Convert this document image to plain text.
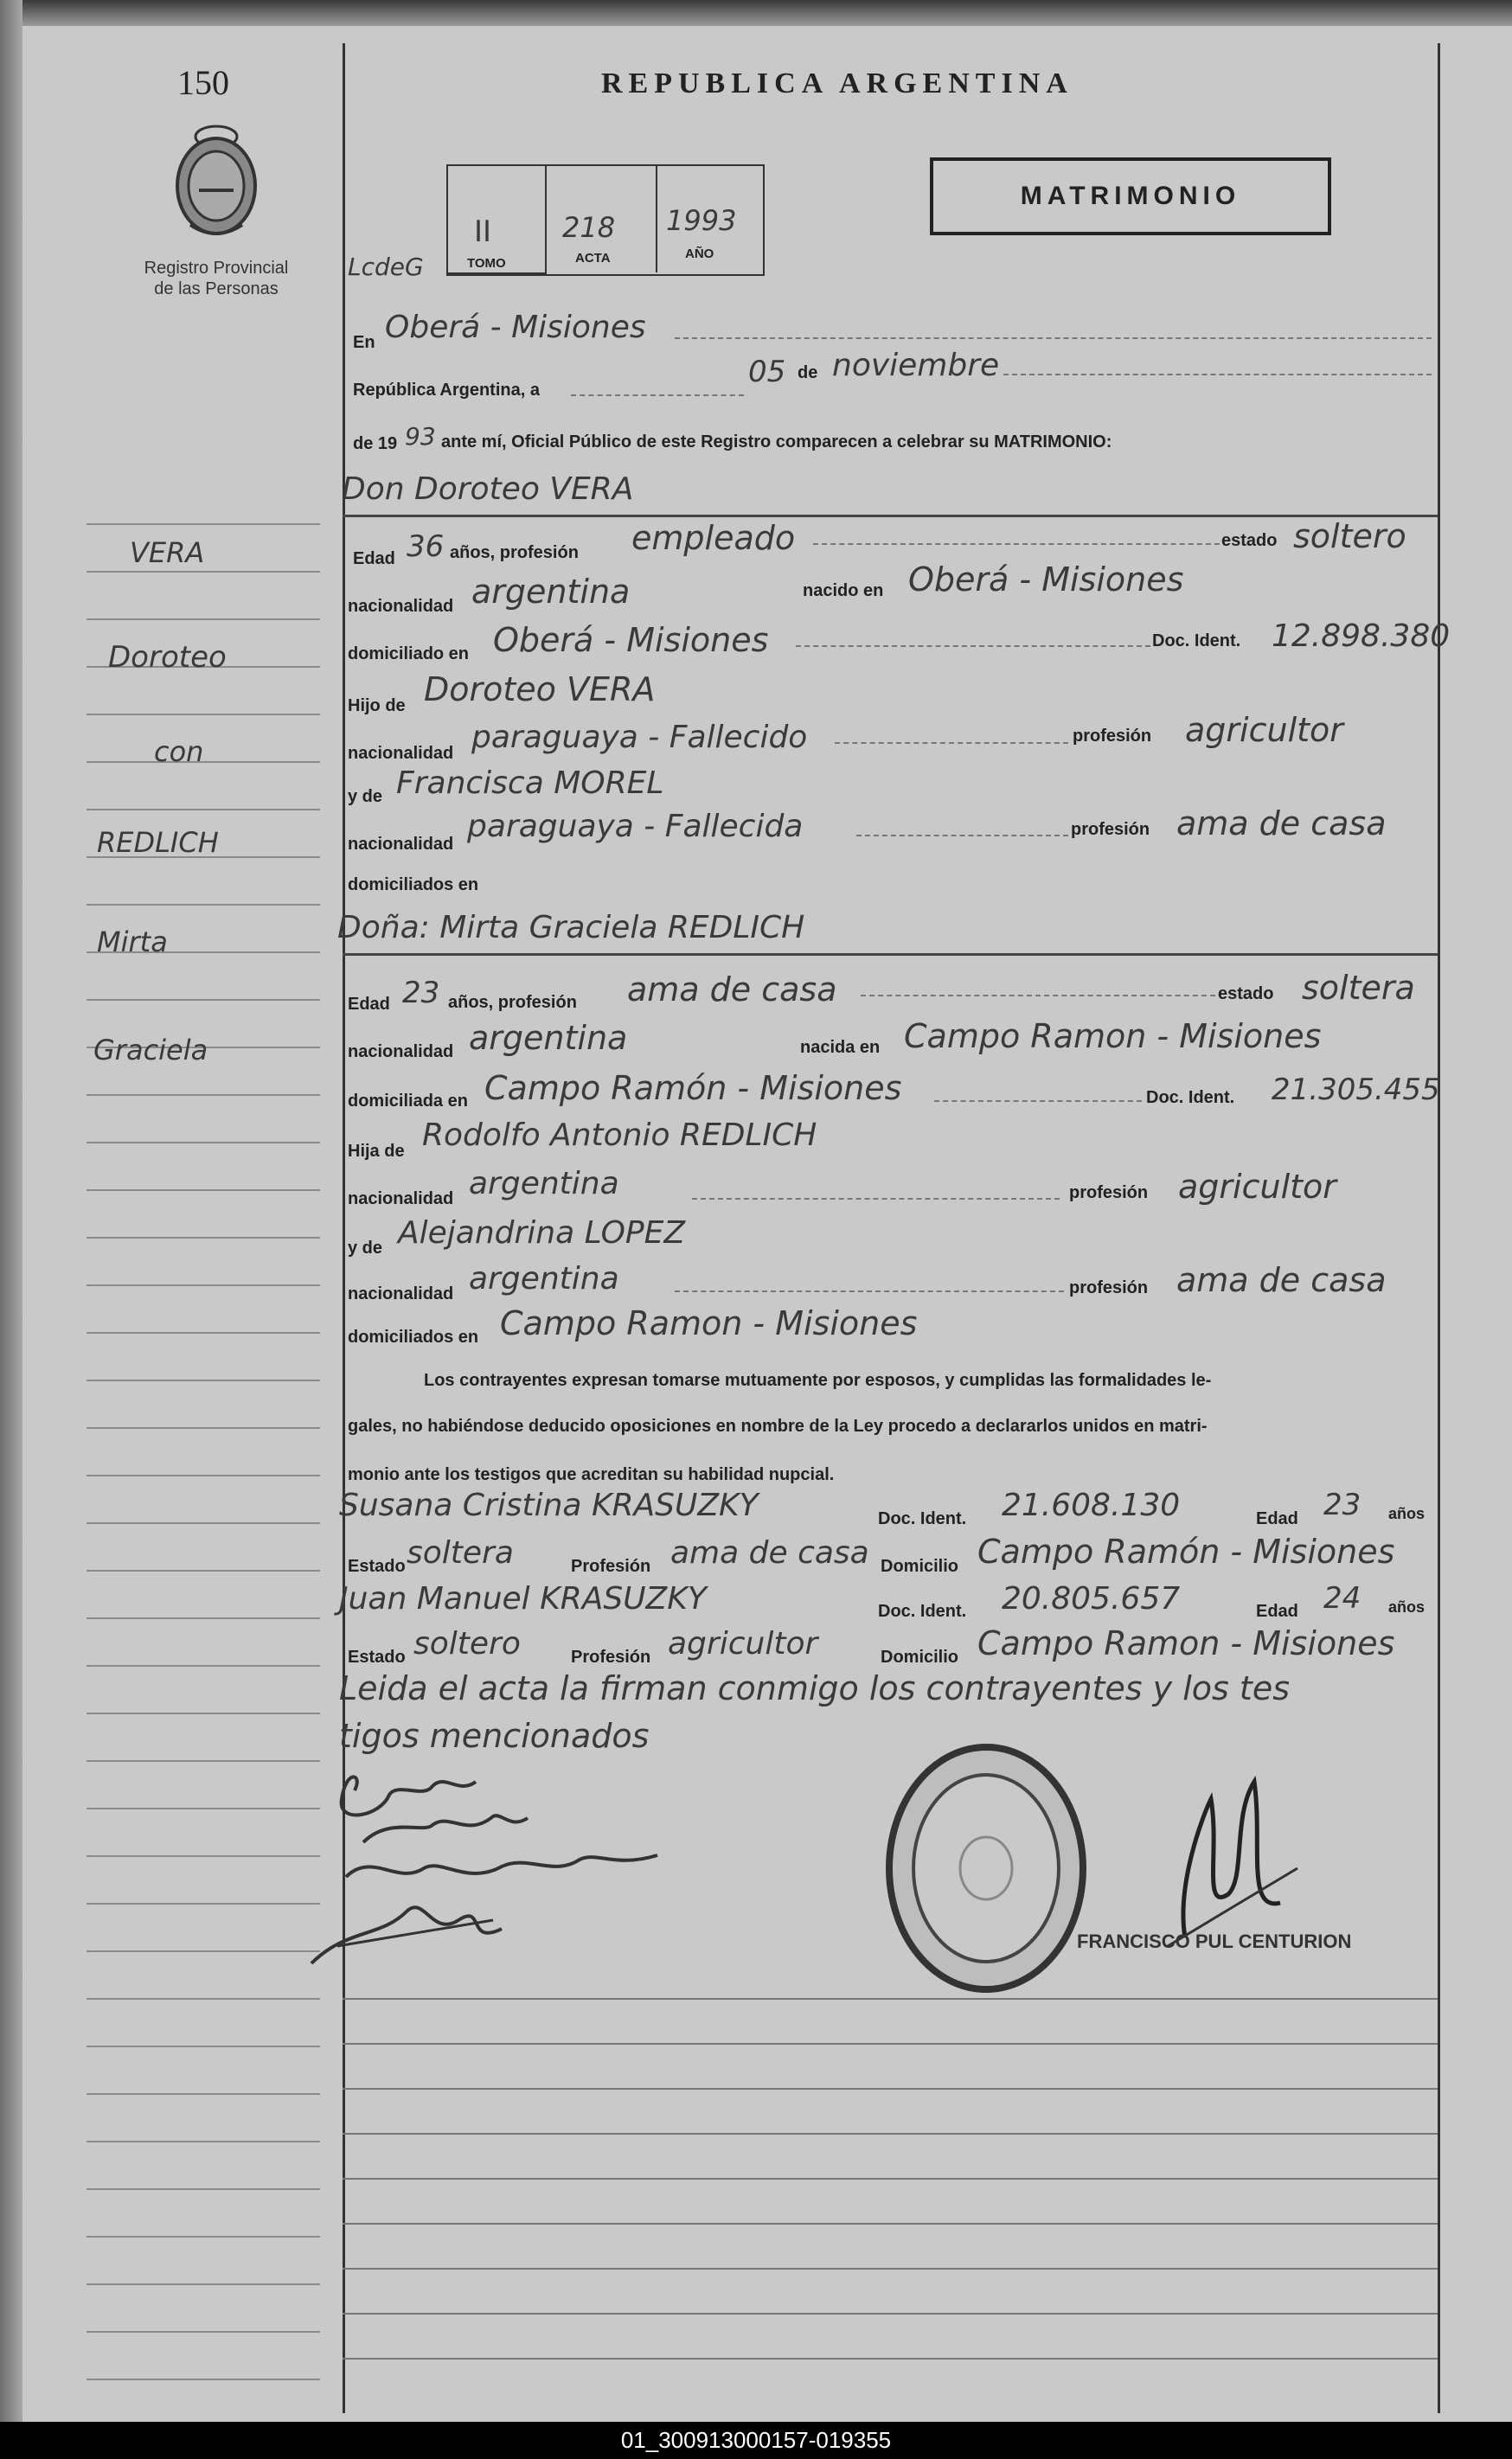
150
Registro Provincial
de las Personas
REPUBLICA ARGENTINA
MATRIMONIO
LcdeG
II
TOMO
218
ACTA
1993
AÑO
En Oberá - Misiones
República Argentina, a
05 de noviembre
de 19 93 ante mí, Oficial Público de este Registro comparecen a celebrar su MATRIMONIO:
Don Doroteo VERA
Edad 36 años, profesión empleado	estado soltero
nacionalidad argentina	nacido en Oberá - Misiones
domiciliado en Oberá - Misiones	Doc. Ident. 12.898.380
Hijo de Doroteo VERA
nacionalidad paraguaya - Fallecido	profesión agricultor
y de Francisca MOREL
nacionalidad paraguaya - Fallecida	profesión ama de casa
domiciliados en
Doña: Mirta Graciela REDLICH
Edad 23 años, profesión ama de casa	estado soltera
nacionalidad argentina	nacida en Campo Ramon - Misiones
domiciliada en Campo Ramón - Misiones	Doc. Ident. 21.305.455
Hija de Rodolfo Antonio REDLICH
nacionalidad argentina	profesión agricultor
y de Alejandrina LOPEZ
nacionalidad argentina	profesión ama de casa
domiciliados en Campo Ramon - Misiones
Los contrayentes expresan tomarse mutuamente por esposos, y cumplidas las formalidades le-
gales, no habiéndose deducido oposiciones en nombre de la Ley procedo a declararlos unidos en matri-
monio ante los testigos que acreditan su habilidad nupcial.
Susana Cristina KRASUZKY	Doc. Ident. 21.608.130	Edad 23 años
Estado soltera	Profesión ama de casa Domicilio Campo Ramón - Misiones
Juan Manuel KRASUZKY	Doc. Ident. 20.805.657	Edad 24 años
Estado soltero	Profesión agricultor	Domicilio Campo Ramon - Misiones
Leida el acta la firman conmigo los contrayentes y los tes
tigos mencionados
FRANCISCO PUL CENTURION
VERA
Doroteo
con
REDLICH
Mirta
Graciela
01_300913000157-019355
